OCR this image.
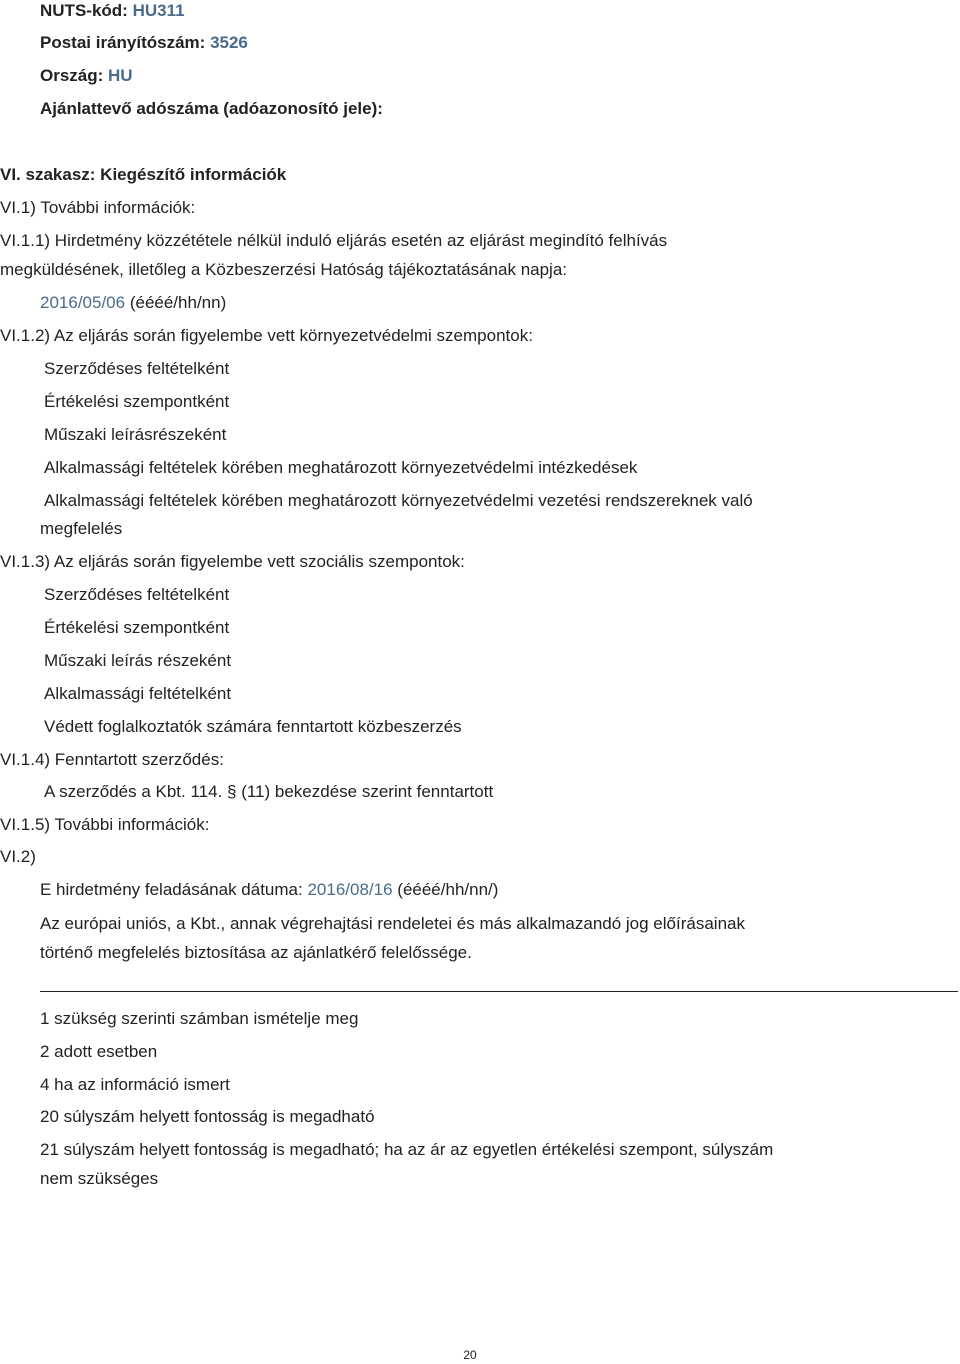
NUTS-kód: HU311
Postai irányítószám: 3526
Ország: HU
Ajánlattevő adószáma (adóazonosító jele):
VI. szakasz: Kiegészítő információk
VI.1) További információk:
VI.1.1) Hirdetmény közzététele nélkül induló eljárás esetén az eljárást megindító felhívás
megküldésének, illetőleg a Közbeszerzési Hatóság tájékoztatásának napja:
2016/05/06 (éééé/hh/nn)
VI.1.2) Az eljárás során figyelembe vett környezetvédelmi szempontok:
Szerződéses feltételként
Értékelési szempontként
Műszaki leírásrészeként
Alkalmassági feltételek körében meghatározott környezetvédelmi intézkedések
Alkalmassági feltételek körében meghatározott környezetvédelmi vezetési rendszereknek való
megfelelés
VI.1.3) Az eljárás során figyelembe vett szociális szempontok:
Szerződéses feltételként
Értékelési szempontként
Műszaki leírás részeként
Alkalmassági feltételként
Védett foglalkoztatók számára fenntartott közbeszerzés
VI.1.4) Fenntartott szerződés:
A szerződés a Kbt. 114. § (11) bekezdése szerint fenntartott
VI.1.5) További információk:
VI.2)
E hirdetmény feladásának dátuma: 2016/08/16 (éééé/hh/nn/)
Az európai uniós, a Kbt., annak végrehajtási rendeletei és más alkalmazandó jog előírásainak
történő megfelelés biztosítása az ajánlatkérő felelőssége.
1 szükség szerinti számban ismételje meg
2 adott esetben
4 ha az információ ismert
20 súlyszám helyett fontosság is megadható
21 súlyszám helyett fontosság is megadható; ha az ár az egyetlen értékelési szempont, súlyszám
nem szükséges
20
